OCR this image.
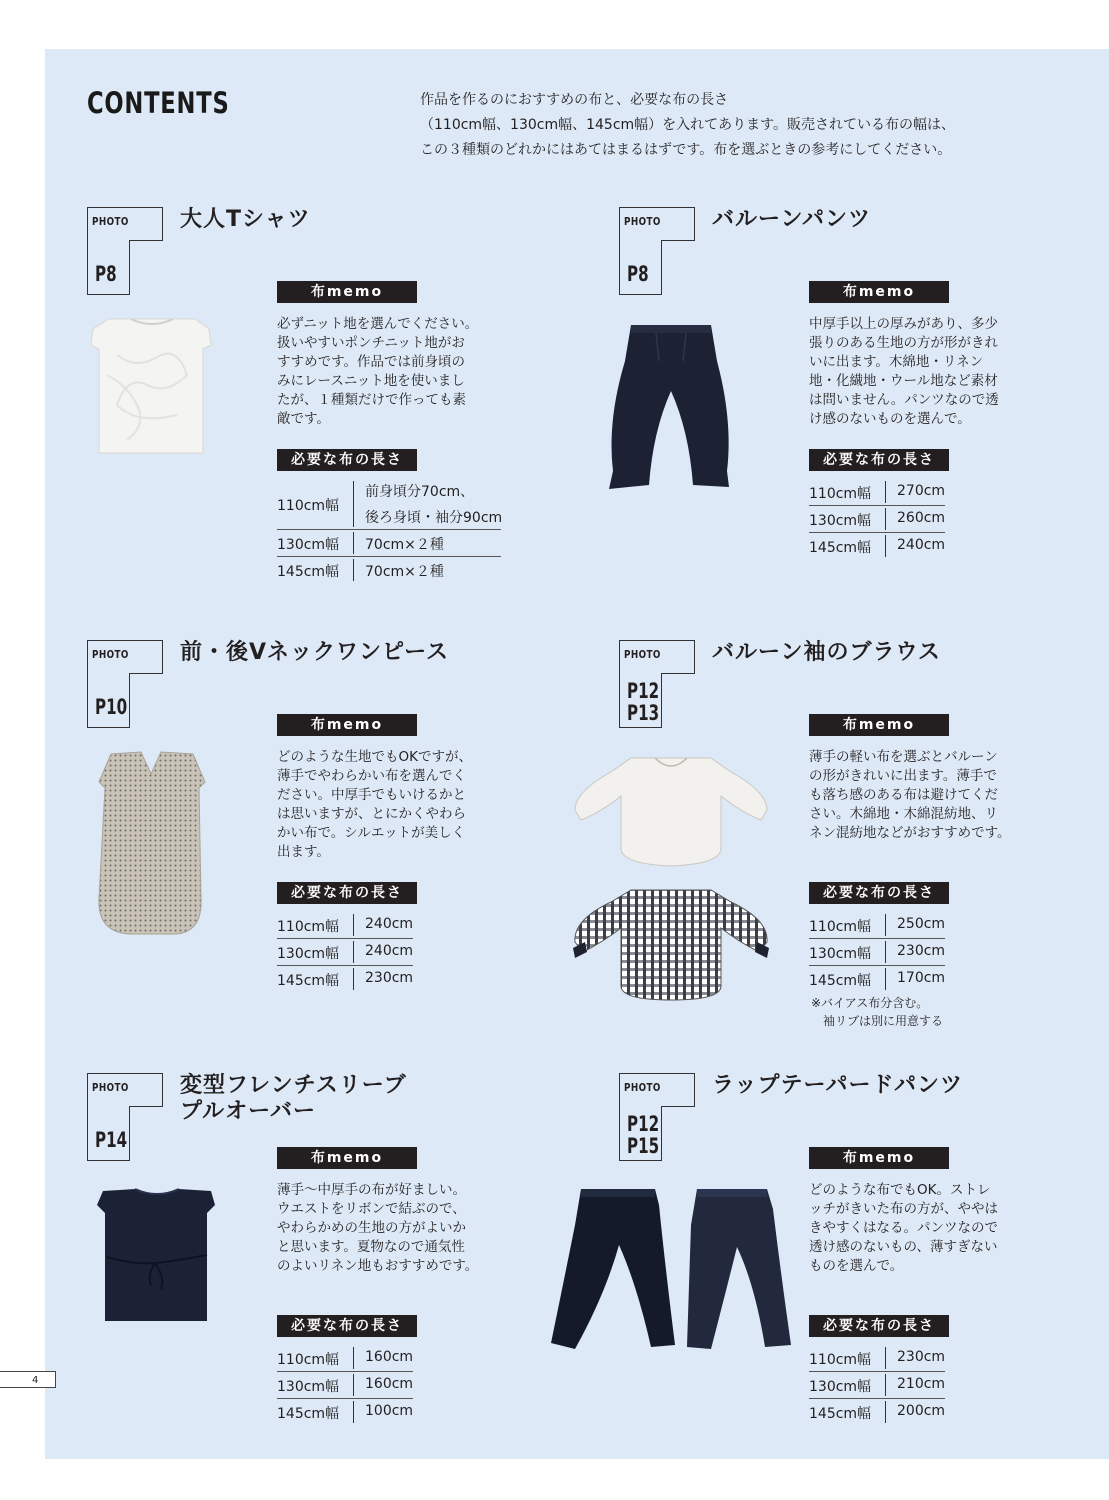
CONTENTS	作品を作るのにおすすめの布と、必要な布の長さ
（110cm幅、130cm幅、145cm幅）を入れてあります。販売されている布の幅は、
この３種類のどれかにはあてはまるはずです。布を選ぶときの参考にしてください。
PHOTO
P8
大人Tシャツ
布memo
必ずニット地を選んでください。
扱いやすいポンチニット地がお
すすめです。作品では前身頃の
みにレースニット地を使いまし
たが、１種類だけで作っても素
敵です。
必要な布の長さ
110cm幅
前身頃分70cm、
後ろ身頃・袖分90cm
130cm幅 70cm×２種
145cm幅 70cm×２種
PHOTO
P8
バルーンパンツ
布memo
中厚手以上の厚みがあり、多少
張りのある生地の方が形がきれ
いに出ます。木綿地・リネン
地・化繊地・ウール地など素材
は問いません。パンツなので透
け感のないものを選んで。
必要な布の長さ
110cm幅 270cm
130cm幅 260cm
145cm幅 240cm
PHOTO
P10
前・後Vネックワンピース
布memo
どのような生地でもOKですが、
薄手でやわらかい布を選んでく
ださい。中厚手でもいけるかと
は思いますが、とにかくやわら
かい布で。シルエットが美しく
出ます。
必要な布の長さ
110cm幅 240cm
130cm幅 240cm
145cm幅 230cm
PHOTO
P12
P13
バルーン袖のブラウス
布memo
薄手の軽い布を選ぶとバルーン
の形がきれいに出ます。薄手で
も落ち感のある布は避けてくだ
さい。木綿地・木綿混紡地、リ
ネン混紡地などがおすすめです。
必要な布の長さ
110cm幅 250cm
130cm幅 230cm
145cm幅 170cm
※バイアス布分含む。
　袖リブは別に用意する
PHOTO
P14
変型フレンチスリーブ
プルオーバー
布memo
薄手〜中厚手の布が好ましい。
ウエストをリボンで結ぶので、
やわらかめの生地の方がよいか
と思います。夏物なので通気性
のよいリネン地もおすすめです。
必要な布の長さ
110cm幅 160cm
130cm幅 160cm
145cm幅 100cm
PHOTO
P12
P15
ラップテーパードパンツ
布memo
どのような布でもOK。ストレ
ッチがきいた布の方が、ややは
きやすくはなる。パンツなので
透け感のないもの、薄すぎない
ものを選んで。
必要な布の長さ
110cm幅 230cm
130cm幅 210cm
145cm幅 200cm
4
